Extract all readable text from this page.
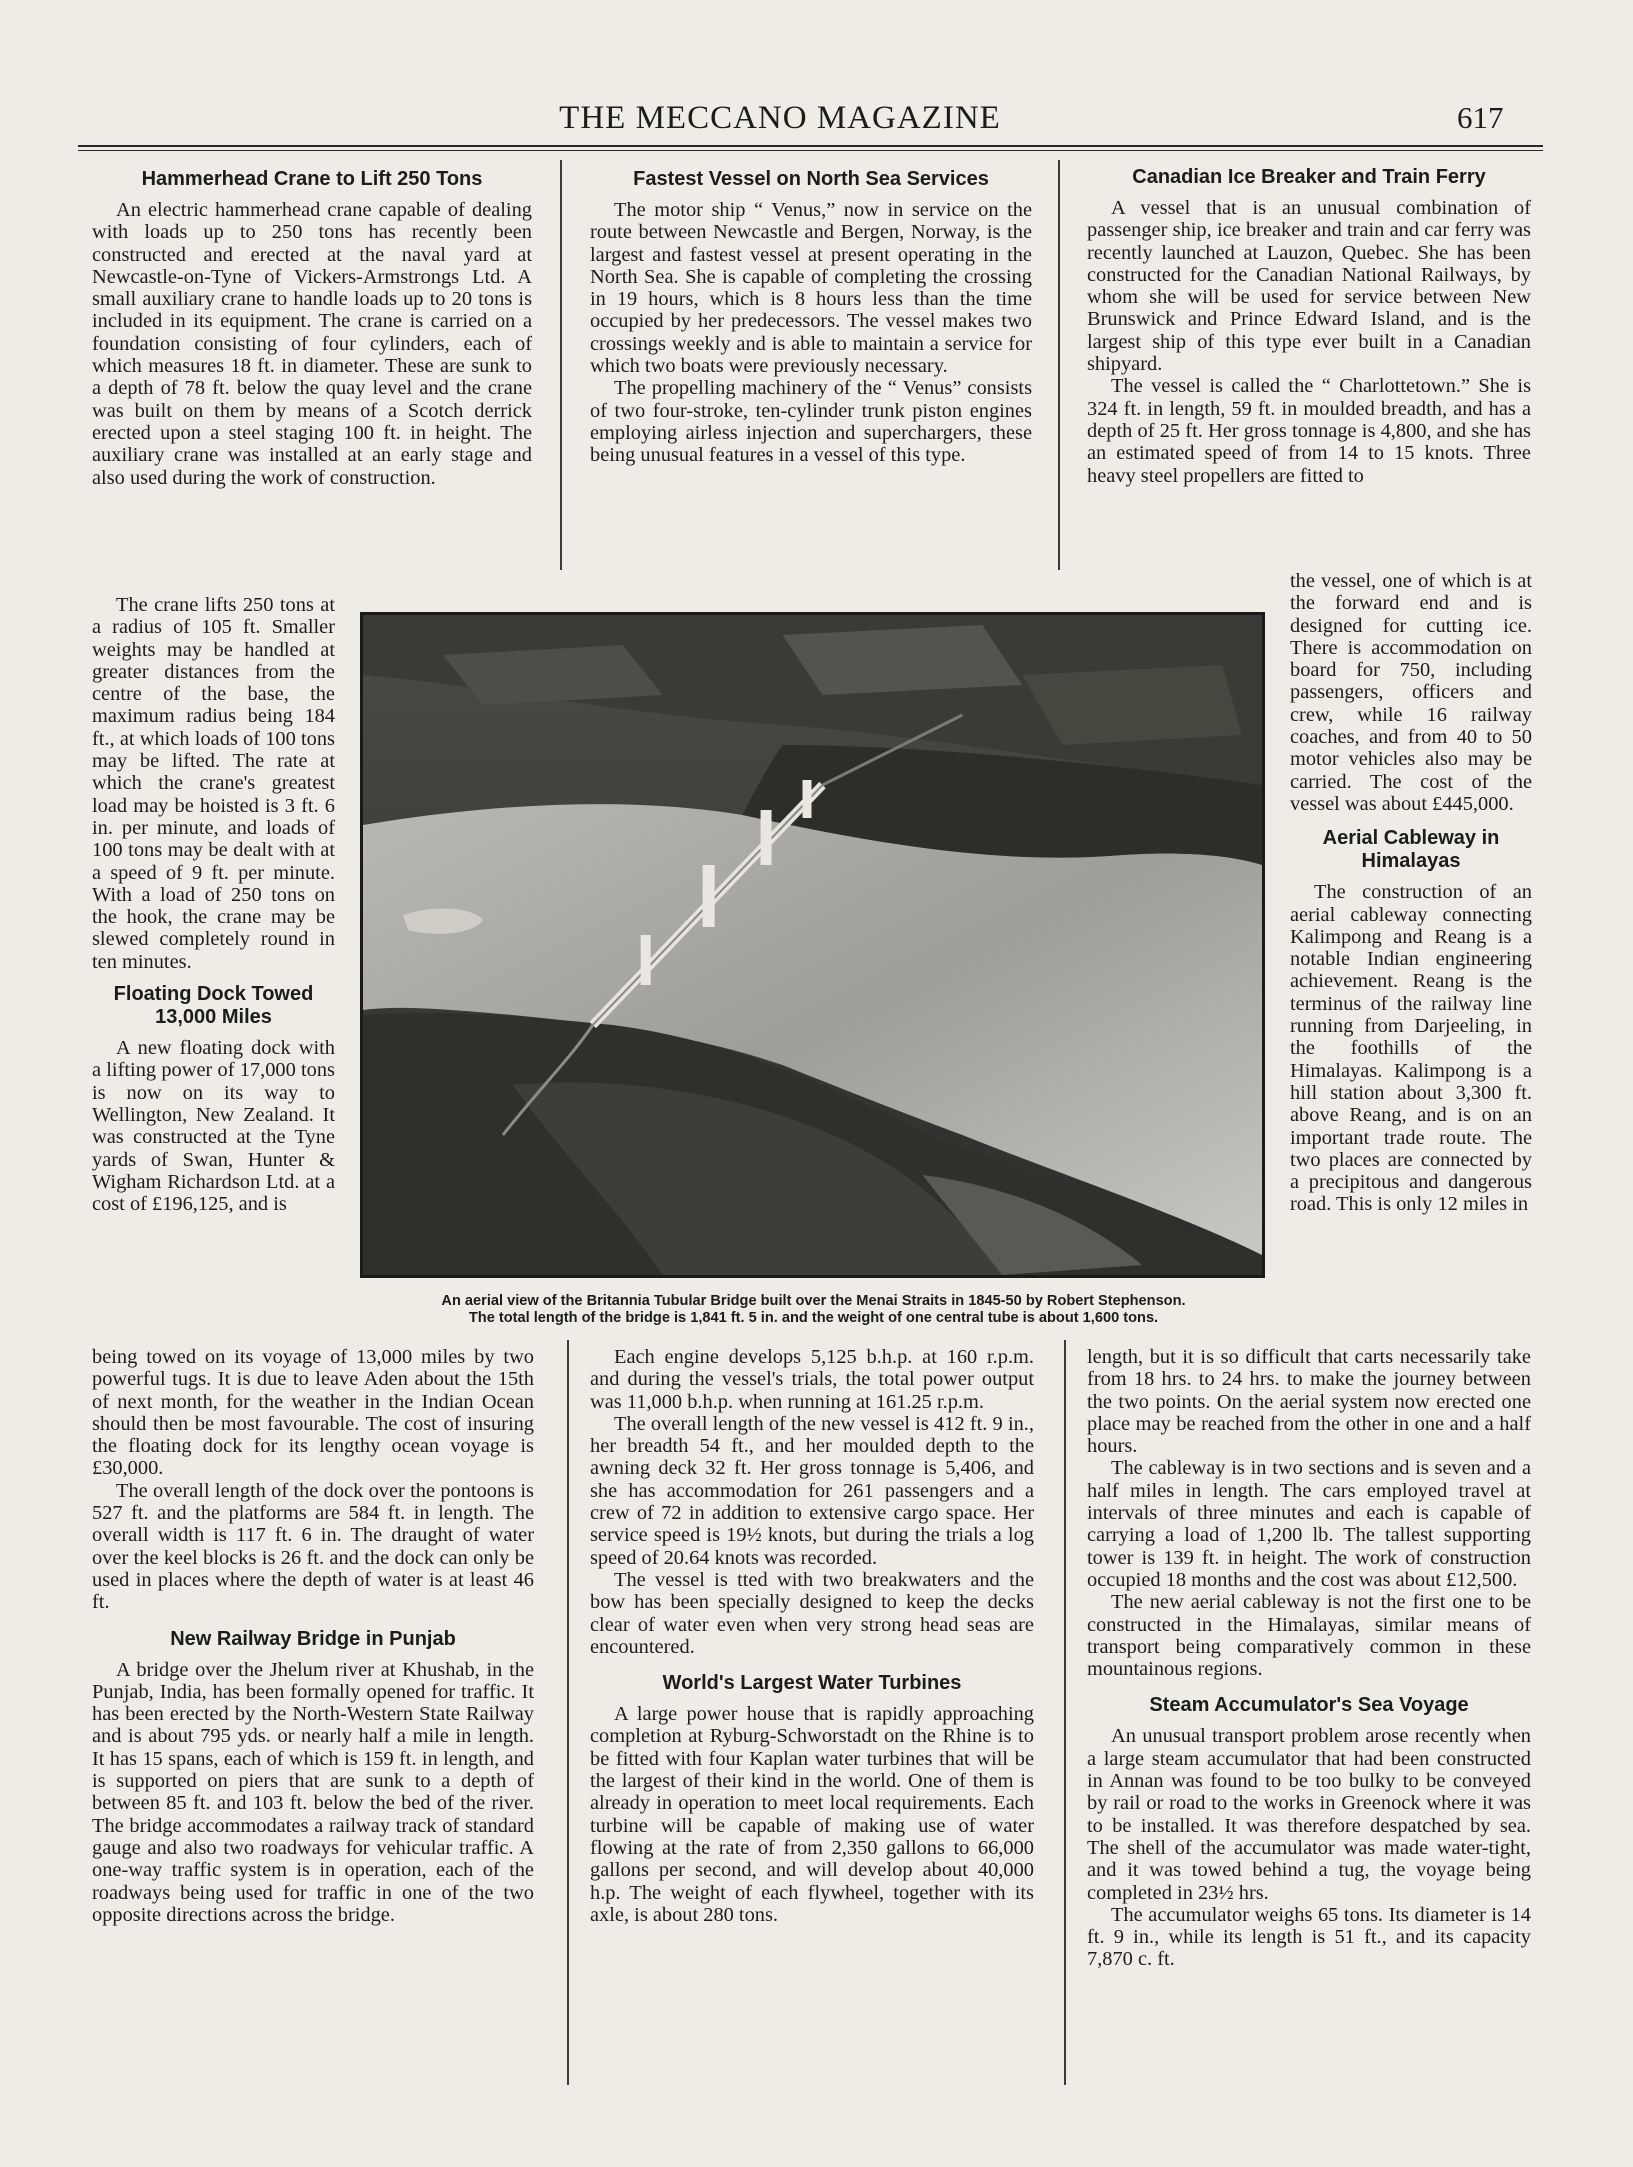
THE MECCANO MAGAZINE	617
Hammerhead Crane to Lift 250 Tons

An electric hammerhead crane capable of dealing with loads up to 250 tons has recently been constructed and erected at the naval yard at Newcastle-on-Tyne of Vickers-Armstrongs Ltd. A small auxiliary crane to handle loads up to 20 tons is included in its equipment. The crane is carried on a foundation consisting of four cylinders, each of which measures 18 ft. in diameter. These are sunk to a depth of 78 ft. below the quay level and the crane was built on them by means of a Scotch derrick erected upon a steel staging 100 ft. in height. The auxiliary crane was installed at an early stage and also used during the work of construction.

The crane lifts 250 tons at a radius of 105 ft. Smaller weights may be handled at greater distances from the centre of the base, the maximum radius being 184 ft., at which loads of 100 tons may be lifted. The rate at which the crane's greatest load may be hoisted is 3 ft. 6 in. per minute, and loads of 100 tons may be dealt with at a speed of 9 ft. per minute. With a load of 250 tons on the hook, the crane may be slewed completely round in ten minutes.

Floating Dock Towed 13,000 Miles

A new floating dock with a lifting power of 17,000 tons is now on its way to Wellington, New Zealand. It was constructed at the Tyne yards of Swan, Hunter & Wigham Richardson Ltd. at a cost of £196,125, and is

being towed on its voyage of 13,000 miles by two powerful tugs. It is due to leave Aden about the 15th of next month, for the weather in the Indian Ocean should then be most favourable. The cost of insuring the floating dock for its lengthy ocean voyage is £30,000.

The overall length of the dock over the pontoons is 527 ft. and the platforms are 584 ft. in length. The overall width is 117 ft. 6 in. The draught of water over the keel blocks is 26 ft. and the dock can only be used in places where the depth of water is at least 46 ft.

New Railway Bridge in Punjab

A bridge over the Jhelum river at Khushab, in the Punjab, India, has been formally opened for traffic. It has been erected by the North-Western State Railway and is about 795 yds. or nearly half a mile in length. It has 15 spans, each of which is 159 ft. in length, and is supported on piers that are sunk to a depth of between 85 ft. and 103 ft. below the bed of the river. The bridge accommodates a railway track of standard gauge and also two roadways for vehicular traffic. A one-way traffic system is in operation, each of the roadways being used for traffic in one of the two opposite directions across the bridge.

Fastest Vessel on North Sea Services

The motor ship “ Venus,” now in service on the route between Newcastle and Bergen, Norway, is the largest and fastest vessel at present operating in the North Sea. She is capable of completing the crossing in 19 hours, which is 8 hours less than the time occupied by her predecessors. The vessel makes two crossings weekly and is able to maintain a service for which two boats were previously necessary.

The propelling machinery of the “ Venus” consists of two four-stroke, ten-cylinder trunk piston engines employing airless injection and superchargers, these being unusual features in a vessel of this type.

Each engine develops 5,125 b.h.p. at 160 r.p.m. and during the vessel's trials, the total power output was 11,000 b.h.p. when running at 161.25 r.p.m.

The overall length of the new vessel is 412 ft. 9 in., her breadth 54 ft., and her moulded depth to the awning deck 32 ft. Her gross tonnage is 5,406, and she has accommodation for 261 passengers and a crew of 72 in addition to extensive cargo space. Her service speed is 19½ knots, but during the trials a log speed of 20.64 knots was recorded.

The vessel is tted with two breakwaters and the bow has been specially designed to keep the decks clear of water even when very strong head seas are encountered.

World's Largest Water Turbines

A large power house that is rapidly approaching completion at Ryburg-Schworstadt on the Rhine is to be fitted with four Kaplan water turbines that will be the largest of their kind in the world. One of them is already in operation to meet local requirements. Each turbine will be capable of making use of water flowing at the rate of from 2,350 gallons to 66,000 gallons per second, and will develop about 40,000 h.p. The weight of each flywheel, together with its axle, is about 280 tons.

Canadian Ice Breaker and Train Ferry

A vessel that is an unusual combination of passenger ship, ice breaker and train and car ferry was recently launched at Lauzon, Quebec. She has been constructed for the Canadian National Railways, by whom she will be used for service between New Brunswick and Prince Edward Island, and is the largest ship of this type ever built in a Canadian shipyard.

The vessel is called the “ Charlottetown.” She is 324 ft. in length, 59 ft. in moulded breadth, and has a depth of 25 ft. Her gross tonnage is 4,800, and she has an estimated speed of from 14 to 15 knots. Three heavy steel propellers are fitted to

the vessel, one of which is at the forward end and is designed for cutting ice. There is accommodation on board for 750, including passengers, officers and crew, while 16 railway coaches, and from 40 to 50 motor vehicles also may be carried. The cost of the vessel was about £445,000.

Aerial Cableway in Himalayas

The construction of an aerial cableway connecting Kalimpong and Reang is a notable Indian engineering achievement. Reang is the terminus of the railway line running from Darjeeling, in the foothills of the Himalayas. Kalimpong is a hill station about 3,300 ft. above Reang, and is on an important trade route. The two places are connected by a precipitous and dangerous road. This is only 12 miles in

length, but it is so difficult that carts necessarily take from 18 hrs. to 24 hrs. to make the journey between the two points. On the aerial system now erected one place may be reached from the other in one and a half hours.

The cableway is in two sections and is seven and a half miles in length. The cars employed travel at intervals of three minutes and each is capable of carrying a load of 1,200 lb. The tallest supporting tower is 139 ft. in height. The work of construction occupied 18 months and the cost was about £12,500.

The new aerial cableway is not the first one to be constructed in the Himalayas, similar means of transport being comparatively common in these mountainous regions.

Steam Accumulator's Sea Voyage

An unusual transport problem arose recently when a large steam accumulator that had been constructed in Annan was found to be too bulky to be conveyed by rail or road to the works in Greenock where it was to be installed. It was therefore despatched by sea. The shell of the accumulator was made water-tight, and it was towed behind a tug, the voyage being completed in 23½ hrs.

The accumulator weighs 65 tons. Its diameter is 14 ft. 9 in., while its length is 51 ft., and its capacity 7,870 c. ft.

An aerial view of the Britannia Tubular Bridge built over the Menai Straits in 1845-50 by Robert Stephenson.
The total length of the bridge is 1,841 ft. 5 in. and the weight of one central tube is about 1,600 tons.
